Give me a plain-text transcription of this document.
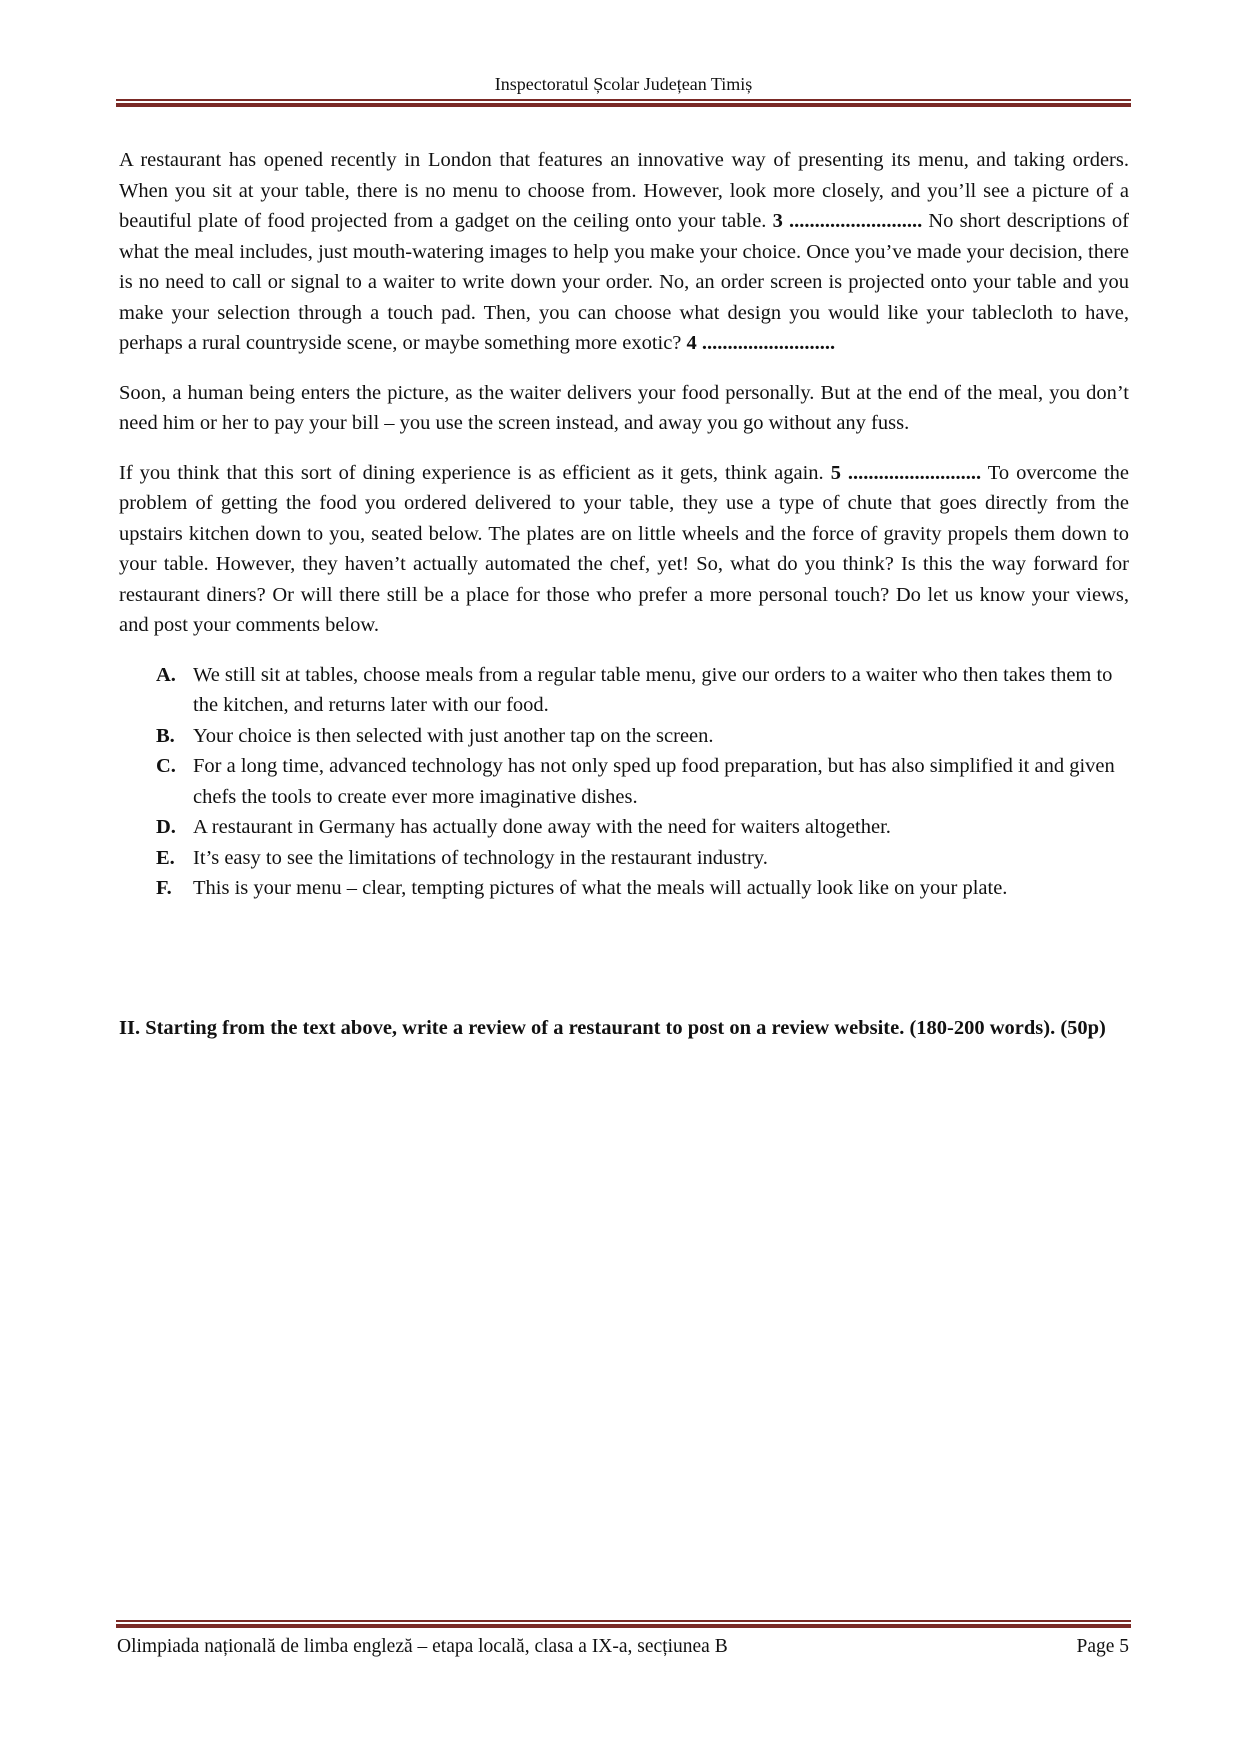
Inspectoratul Școlar Județean Timiș

A restaurant has opened recently in London that features an innovative way of presenting its menu, and taking orders. When you sit at your table, there is no menu to choose from. However, look more closely, and you’ll see a picture of a beautiful plate of food projected from a gadget on the ceiling onto your table. 3 .......................... No short descriptions of what the meal includes, just mouth-watering images to help you make your choice. Once you’ve made your decision, there is no need to call or signal to a waiter to write down your order. No, an order screen is projected onto your table and you make your selection through a touch pad. Then, you can choose what design you would like your tablecloth to have, perhaps a rural countryside scene, or maybe something more exotic? 4 ..........................

Soon, a human being enters the picture, as the waiter delivers your food personally. But at the end of the meal, you don’t need him or her to pay your bill – you use the screen instead, and away you go without any fuss.

If you think that this sort of dining experience is as efficient as it gets, think again. 5 .......................... To overcome the problem of getting the food you ordered delivered to your table, they use a type of chute that goes directly from the upstairs kitchen down to you, seated below. The plates are on little wheels and the force of gravity propels them down to your table. However, they haven’t actually automated the chef, yet! So, what do you think? Is this the way forward for restaurant diners? Or will there still be a place for those who prefer a more personal touch? Do let us know your views, and post your comments below.

A. We still sit at tables, choose meals from a regular table menu, give our orders to a waiter who then takes them to the kitchen, and returns later with our food.
B. Your choice is then selected with just another tap on the screen.
C. For a long time, advanced technology has not only sped up food preparation, but has also simplified it and given chefs the tools to create ever more imaginative dishes.
D. A restaurant in Germany has actually done away with the need for waiters altogether.
E. It’s easy to see the limitations of technology in the restaurant industry.
F.	This is your menu – clear, tempting pictures of what the meals will actually look like on your plate.
II. Starting from the text above, write a review of a restaurant to post on a review website. (180-200 words). (50p)
Olimpiada națională de limba engleză – etapa locală, clasa a IX-a, secțiunea B	Page 5
